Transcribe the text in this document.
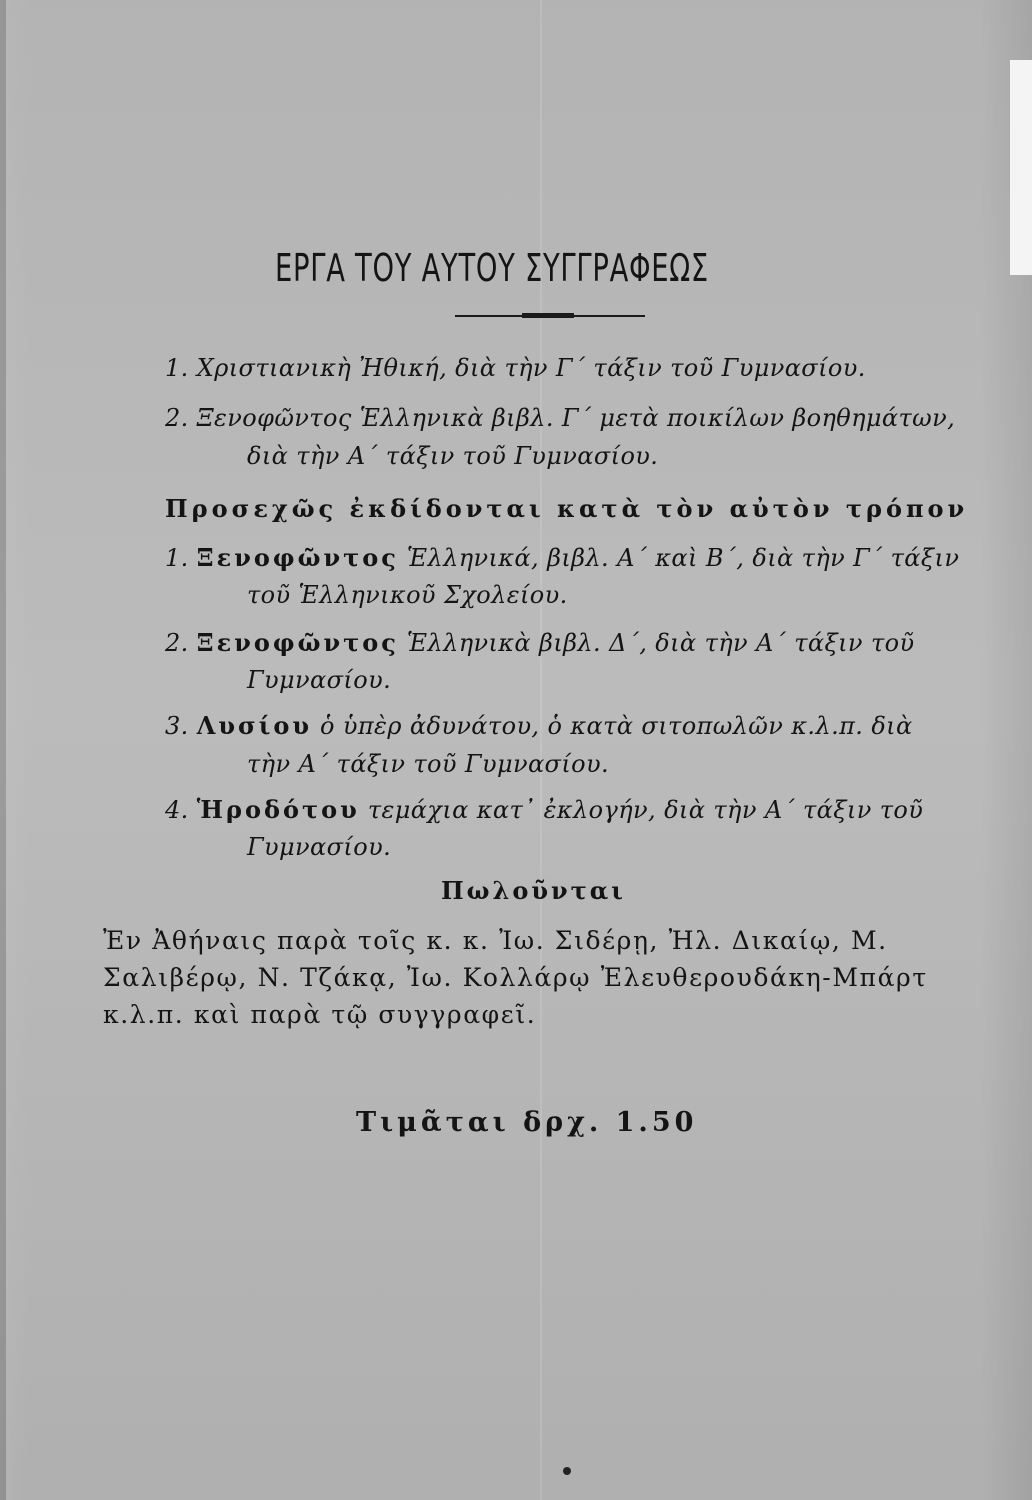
ΕΡΓΑ ΤΟΥ ΑΥΤΟΥ ΣΥΓΓΡΑΦΕΩΣ
1. Χριστιανικὴ Ἠθική, διὰ τὴν Γ΄ τάξιν τοῦ Γυμνασίου.
2. Ξενοφῶντος Ἑλληνικὰ βιβλ. Γ΄ μετὰ ποικίλων βοηθημάτων,
διὰ τὴν Α΄ τάξιν τοῦ Γυμνασίου.
Προσεχῶς ἐκδίδονται κατὰ τὸν αὐτὸν τρόπον
1. Ξενοφῶντος Ἑλληνικά, βιβλ. Α΄ καὶ Β΄, διὰ τὴν Γ΄ τάξιν
τοῦ Ἑλληνικοῦ Σχολείου.
2. Ξενοφῶντος Ἑλληνικὰ βιβλ. Δ΄, διὰ τὴν Α΄ τάξιν τοῦ
Γυμνασίου.
3. Λυσίου ὁ ὑπὲρ ἀδυνάτου, ὁ κατὰ σιτοπωλῶν κ.λ.π. διὰ
τὴν Α΄ τάξιν τοῦ Γυμνασίου.
4. Ἡροδότου τεμάχια κατ᾽ ἐκλογήν, διὰ τὴν Α΄ τάξιν τοῦ
Γυμνασίου.
Πωλοῦνται
Ἐν Ἀθήναις παρὰ τοῖς κ. κ. Ἰω. Σιδέρῃ, Ἠλ. Δικαίῳ, Μ.
Σαλιβέρῳ, Ν. Τζάκᾳ, Ἰω. Κολλάρῳ Ἐλευθερουδάκη-Μπάρτ
κ.λ.π. καὶ παρὰ τῷ συγγραφεῖ.
Τιμᾶται δρχ. 1.50
